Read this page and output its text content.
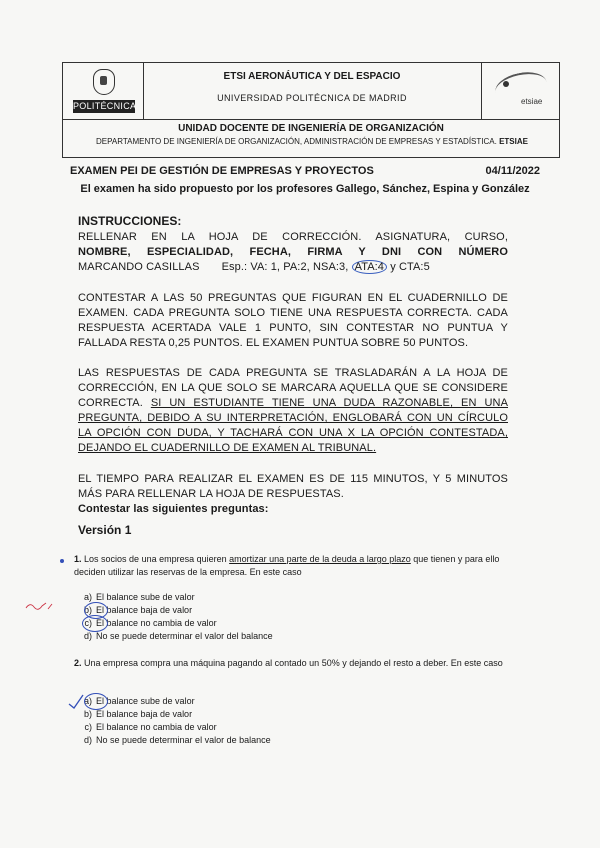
POLITÉCNICA
ETSI AERONÁUTICA Y DEL ESPACIO
UNIVERSIDAD POLITÉCNICA DE MADRID	etsiae
UNIDAD DOCENTE DE INGENIERÍA DE ORGANIZACIÓN
DEPARTAMENTO DE INGENIERÍA DE ORGANIZACIÓN, ADMINISTRACIÓN DE EMPRESAS Y ESTADÍSTICA. ETSIAE
EXAMEN PEI DE GESTIÓN DE EMPRESAS Y PROYECTOS	04/11/2022
El examen ha sido propuesto por los profesores Gallego, Sánchez, Espina y González
INSTRUCCIONES:
RELLENAR EN LA HOJA DE CORRECCIÓN. ASIGNATURA, CURSO,
NOMBRE, ESPECIALIDAD, FECHA, FIRMA Y DNI CON NÚMERO
MARCANDO CASILLAS Esp.: VA: 1, PA:2, NSA:3, ATA:4 y CTA:5
CONTESTAR A LAS 50 PREGUNTAS QUE FIGURAN EN EL CUADERNILLO DE EXAMEN. CADA PREGUNTA SOLO TIENE UNA RESPUESTA CORRECTA. CADA RESPUESTA ACERTADA VALE 1 PUNTO, SIN CONTESTAR NO PUNTUA Y FALLADA RESTA 0,25 PUNTOS. EL EXAMEN PUNTUA SOBRE 50 PUNTOS.
LAS RESPUESTAS DE CADA PREGUNTA SE TRASLADARÁN A LA HOJA DE CORRECCIÓN, EN LA QUE SOLO SE MARCARA AQUELLA QUE SE CONSIDERE CORRECTA. SI UN ESTUDIANTE TIENE UNA DUDA RAZONABLE, EN UNA PREGUNTA, DEBIDO A SU INTERPRETACIÓN, ENGLOBARÁ CON UN CÍRCULO LA OPCIÓN CON DUDA, Y TACHARÁ CON UNA X LA OPCIÓN CONTESTADA, DEJANDO EL CUADERNILLO DE EXAMEN AL TRIBUNAL.
EL TIEMPO PARA REALIZAR EL EXAMEN ES DE 115 MINUTOS, Y 5 MINUTOS MÁS PARA RELLENAR LA HOJA DE RESPUESTAS.
Contestar las siguientes preguntas:
Versión 1
1. Los socios de una empresa quieren amortizar una parte de la deuda a largo plazo que tienen y para ello deciden utilizar las reservas de la empresa. En este caso
a) El balance sube de valor
b) El balance baja de valor
c) El balance no cambia de valor
d) No se puede determinar el valor del balance
2. Una empresa compra una máquina pagando al contado un 50% y dejando el resto a deber. En este caso
a) El balance sube de valor
b) El balance baja de valor
c) El balance no cambia de valor
d) No se puede determinar el valor de balance
